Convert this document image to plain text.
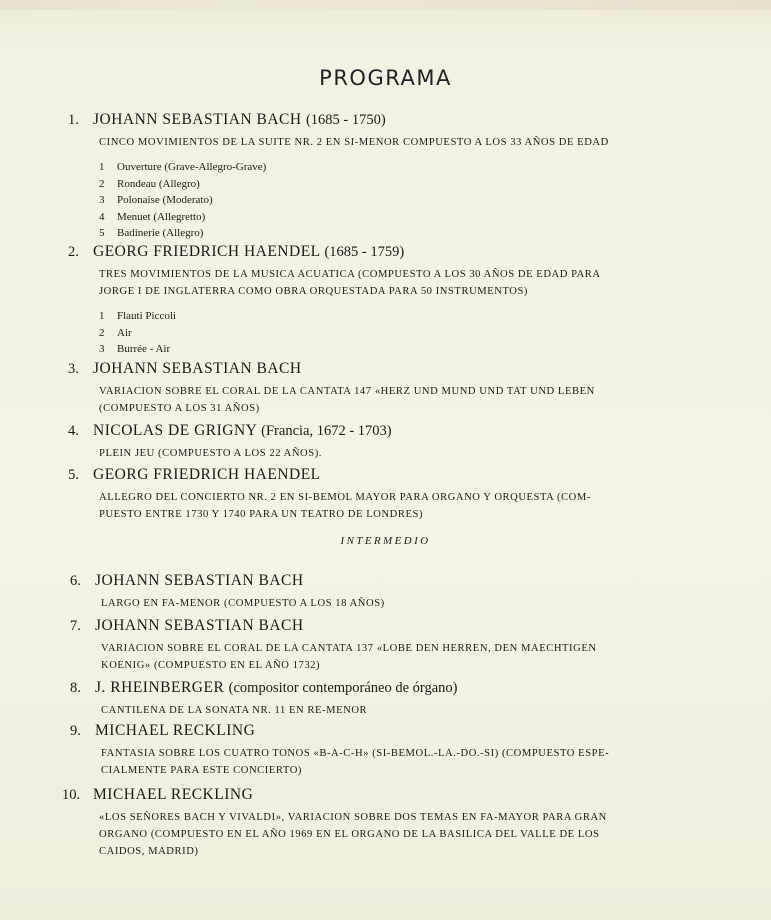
PROGRAMA
1. JOHANN SEBASTIAN BACH (1685 - 1750)
CINCO MOVIMIENTOS DE LA SUITE NR. 2 EN SI-MENOR COMPUESTO A LOS 33 AÑOS DE EDAD
1 Ouverture (Grave-Allegro-Grave)
2 Rondeau (Allegro)
3 Polonaise (Moderato)
4 Menuet (Allegretto)
5 Badinerie (Allegro)
2. GEORG FRIEDRICH HAENDEL (1685 - 1759)
TRES MOVIMIENTOS DE LA MUSICA ACUATICA (COMPUESTO A LOS 30 AÑOS DE EDAD PARA
JORGE I DE INGLATERRA COMO OBRA ORQUESTADA PARA 50 INSTRUMENTOS)
1 Flauti Piccoli
2 Air
3 Burrée - Air
3. JOHANN SEBASTIAN BACH
VARIACION SOBRE EL CORAL DE LA CANTATA 147 «HERZ UND MUND UND TAT UND LEBEN
(COMPUESTO A LOS 31 AÑOS)
4. NICOLAS DE GRIGNY (Francia, 1672 - 1703)
PLEIN JEU (COMPUESTO A LOS 22 AÑOS).
5. GEORG FRIEDRICH HAENDEL
ALLEGRO DEL CONCIERTO NR. 2 EN SI-BEMOL MAYOR PARA ORGANO Y ORQUESTA (COM-
PUESTO ENTRE 1730 Y 1740 PARA UN TEATRO DE LONDRES)
6. JOHANN SEBASTIAN BACH
LARGO EN FA-MENOR (COMPUESTO A LOS 18 AÑOS)
7. JOHANN SEBASTIAN BACH
VARIACION SOBRE EL CORAL DE LA CANTATA 137 «LOBE DEN HERREN, DEN MAECHTIGEN
KOENIG» (COMPUESTO EN EL AÑO 1732)
8. J. RHEINBERGER (compositor contemporáneo de órgano)
CANTILENA DE LA SONATA NR. 11 EN RE-MENOR
9. MICHAEL RECKLING
FANTASIA SOBRE LOS CUATRO TONOS «B-A-C-H» (SI-BEMOL.-LA.-DO.-SI) (COMPUESTO ESPE-
CIALMENTE PARA ESTE CONCIERTO)
10. MICHAEL RECKLING
«LOS SEÑORES BACH Y VIVALDI», VARIACION SOBRE DOS TEMAS EN FA-MAYOR PARA GRAN
ORGANO (COMPUESTO EN EL AÑO 1969 EN EL ORGANO DE LA BASILICA DEL VALLE DE LOS
CAIDOS, MADRID)
INTERMEDIO
